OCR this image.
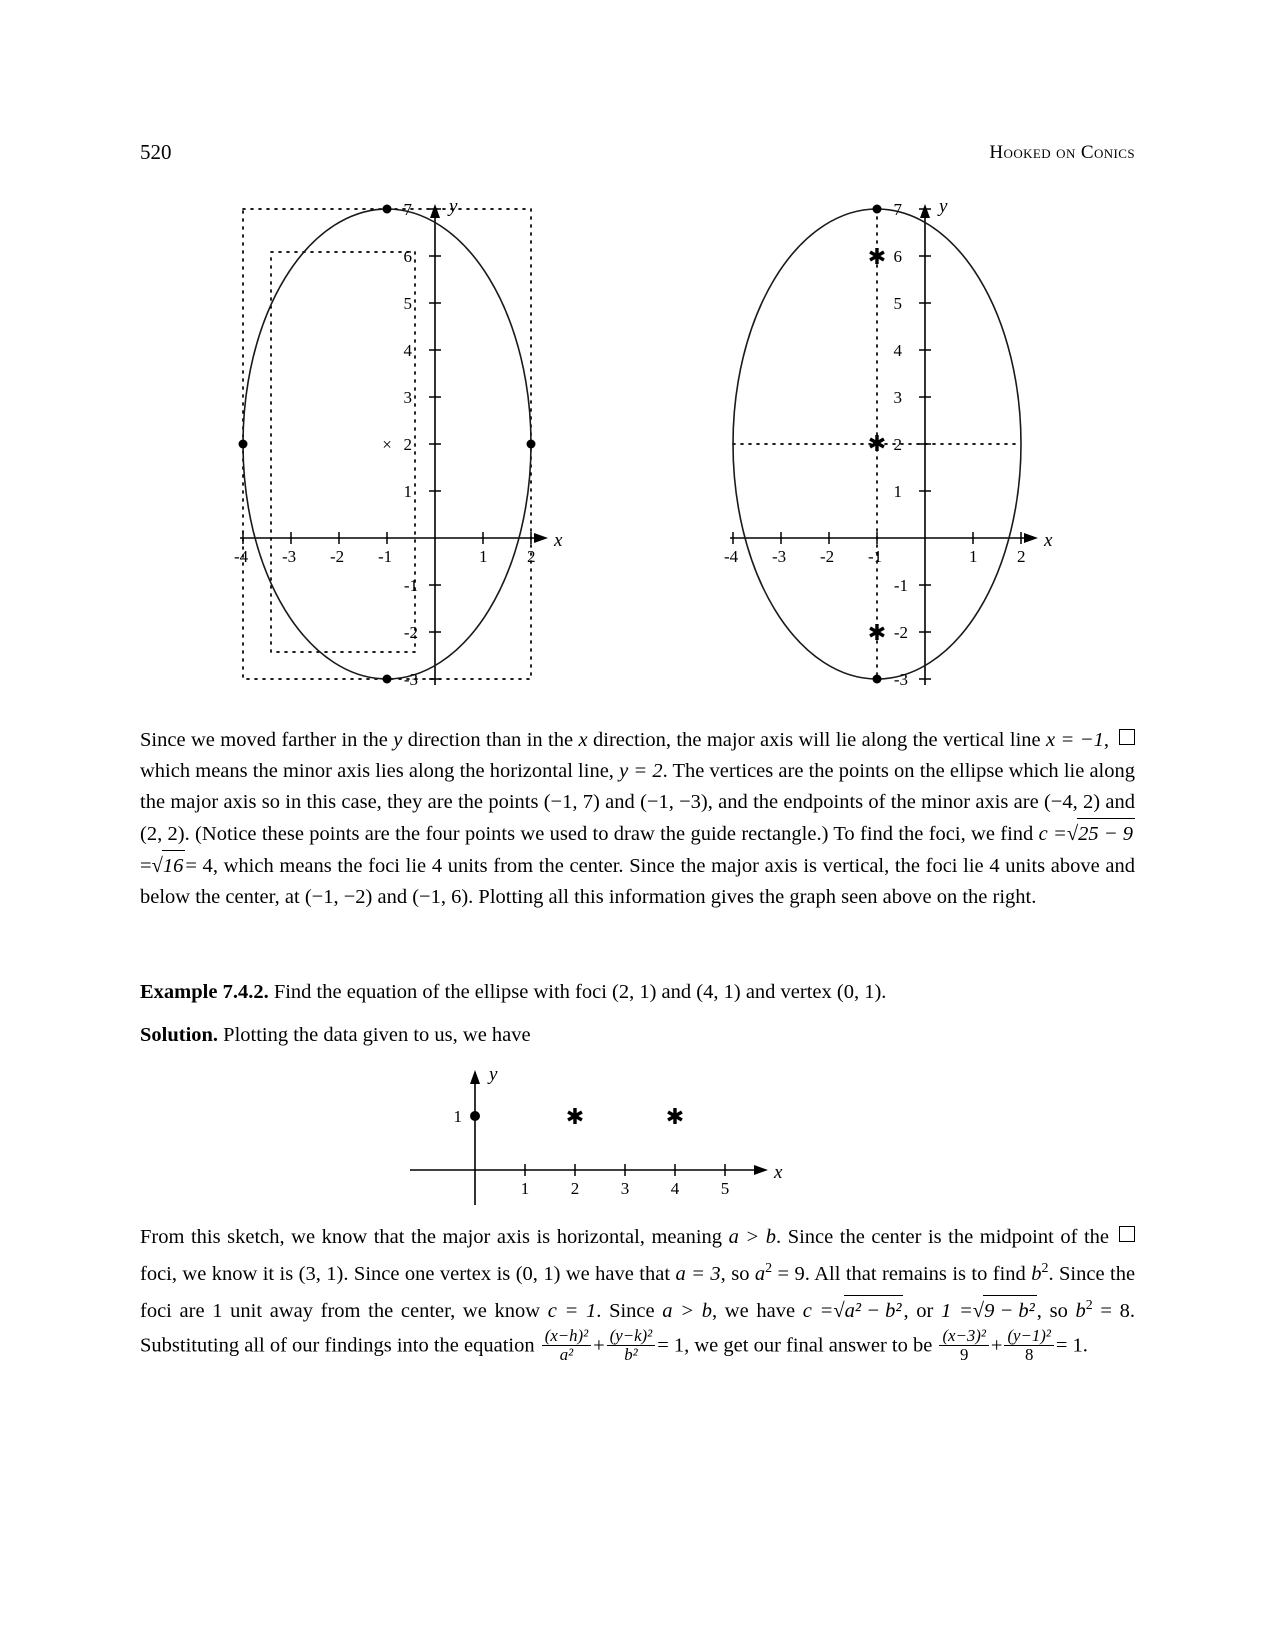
520	Hooked on Conics
y
x
-4 -3 -2 -1	1 2
7
6
5
4
3
2
1
-1
-2
-3
×
y
x
-4 -3 -2 -1	1 2
7
6
5
4
3
2
1
-1
-2
-3
✱
✱
✱
Since we moved farther in the y direction than in the x direction, the major axis will lie along the vertical line x = −1, which means the minor axis lies along the horizontal line, y = 2. The vertices are the points on the ellipse which lie along the major axis so in this case, they are the points (−1, 7) and (−1, −3), and the endpoints of the minor axis are (−4, 2) and (2, 2). (Notice these points are the four points we used to draw the guide rectangle.) To find the foci, we find c =√25 − 9=√16= 4, which means the foci lie 4 units from the center. Since the major axis is vertical, the foci lie 4 units above and below the center, at (−1, −2) and (−1, 6). Plotting all this information gives the graph seen above on the right.
Example 7.4.2. Find the equation of the ellipse with foci (2, 1) and (4, 1) and vertex (0, 1).
Solution. Plotting the data given to us, we have
y
x
1 2 3 4 5
1	✱	✱
From this sketch, we know that the major axis is horizontal, meaning a > b. Since the center is the midpoint of the foci, we know it is (3, 1). Since one vertex is (0, 1) we have that a = 3, so $a^2 = 9$. All that remains is to find $b^2$. Since the foci are 1 unit away from the center, we know c = 1. Since a > b, we have c =√a² − b², or 1 =√9 − b², so $b^2 = 8$. Substituting all of our findings into the equation $\frac{\text{(x−h)²}}{\text{a²}} + \frac{\text{(y−k)²}}{\text{b²}} = 1$, we get our final answer to be $\frac{\text{(x−3)²}}{9} + \frac{\text{(y−1)²}}{8} = 1$.
